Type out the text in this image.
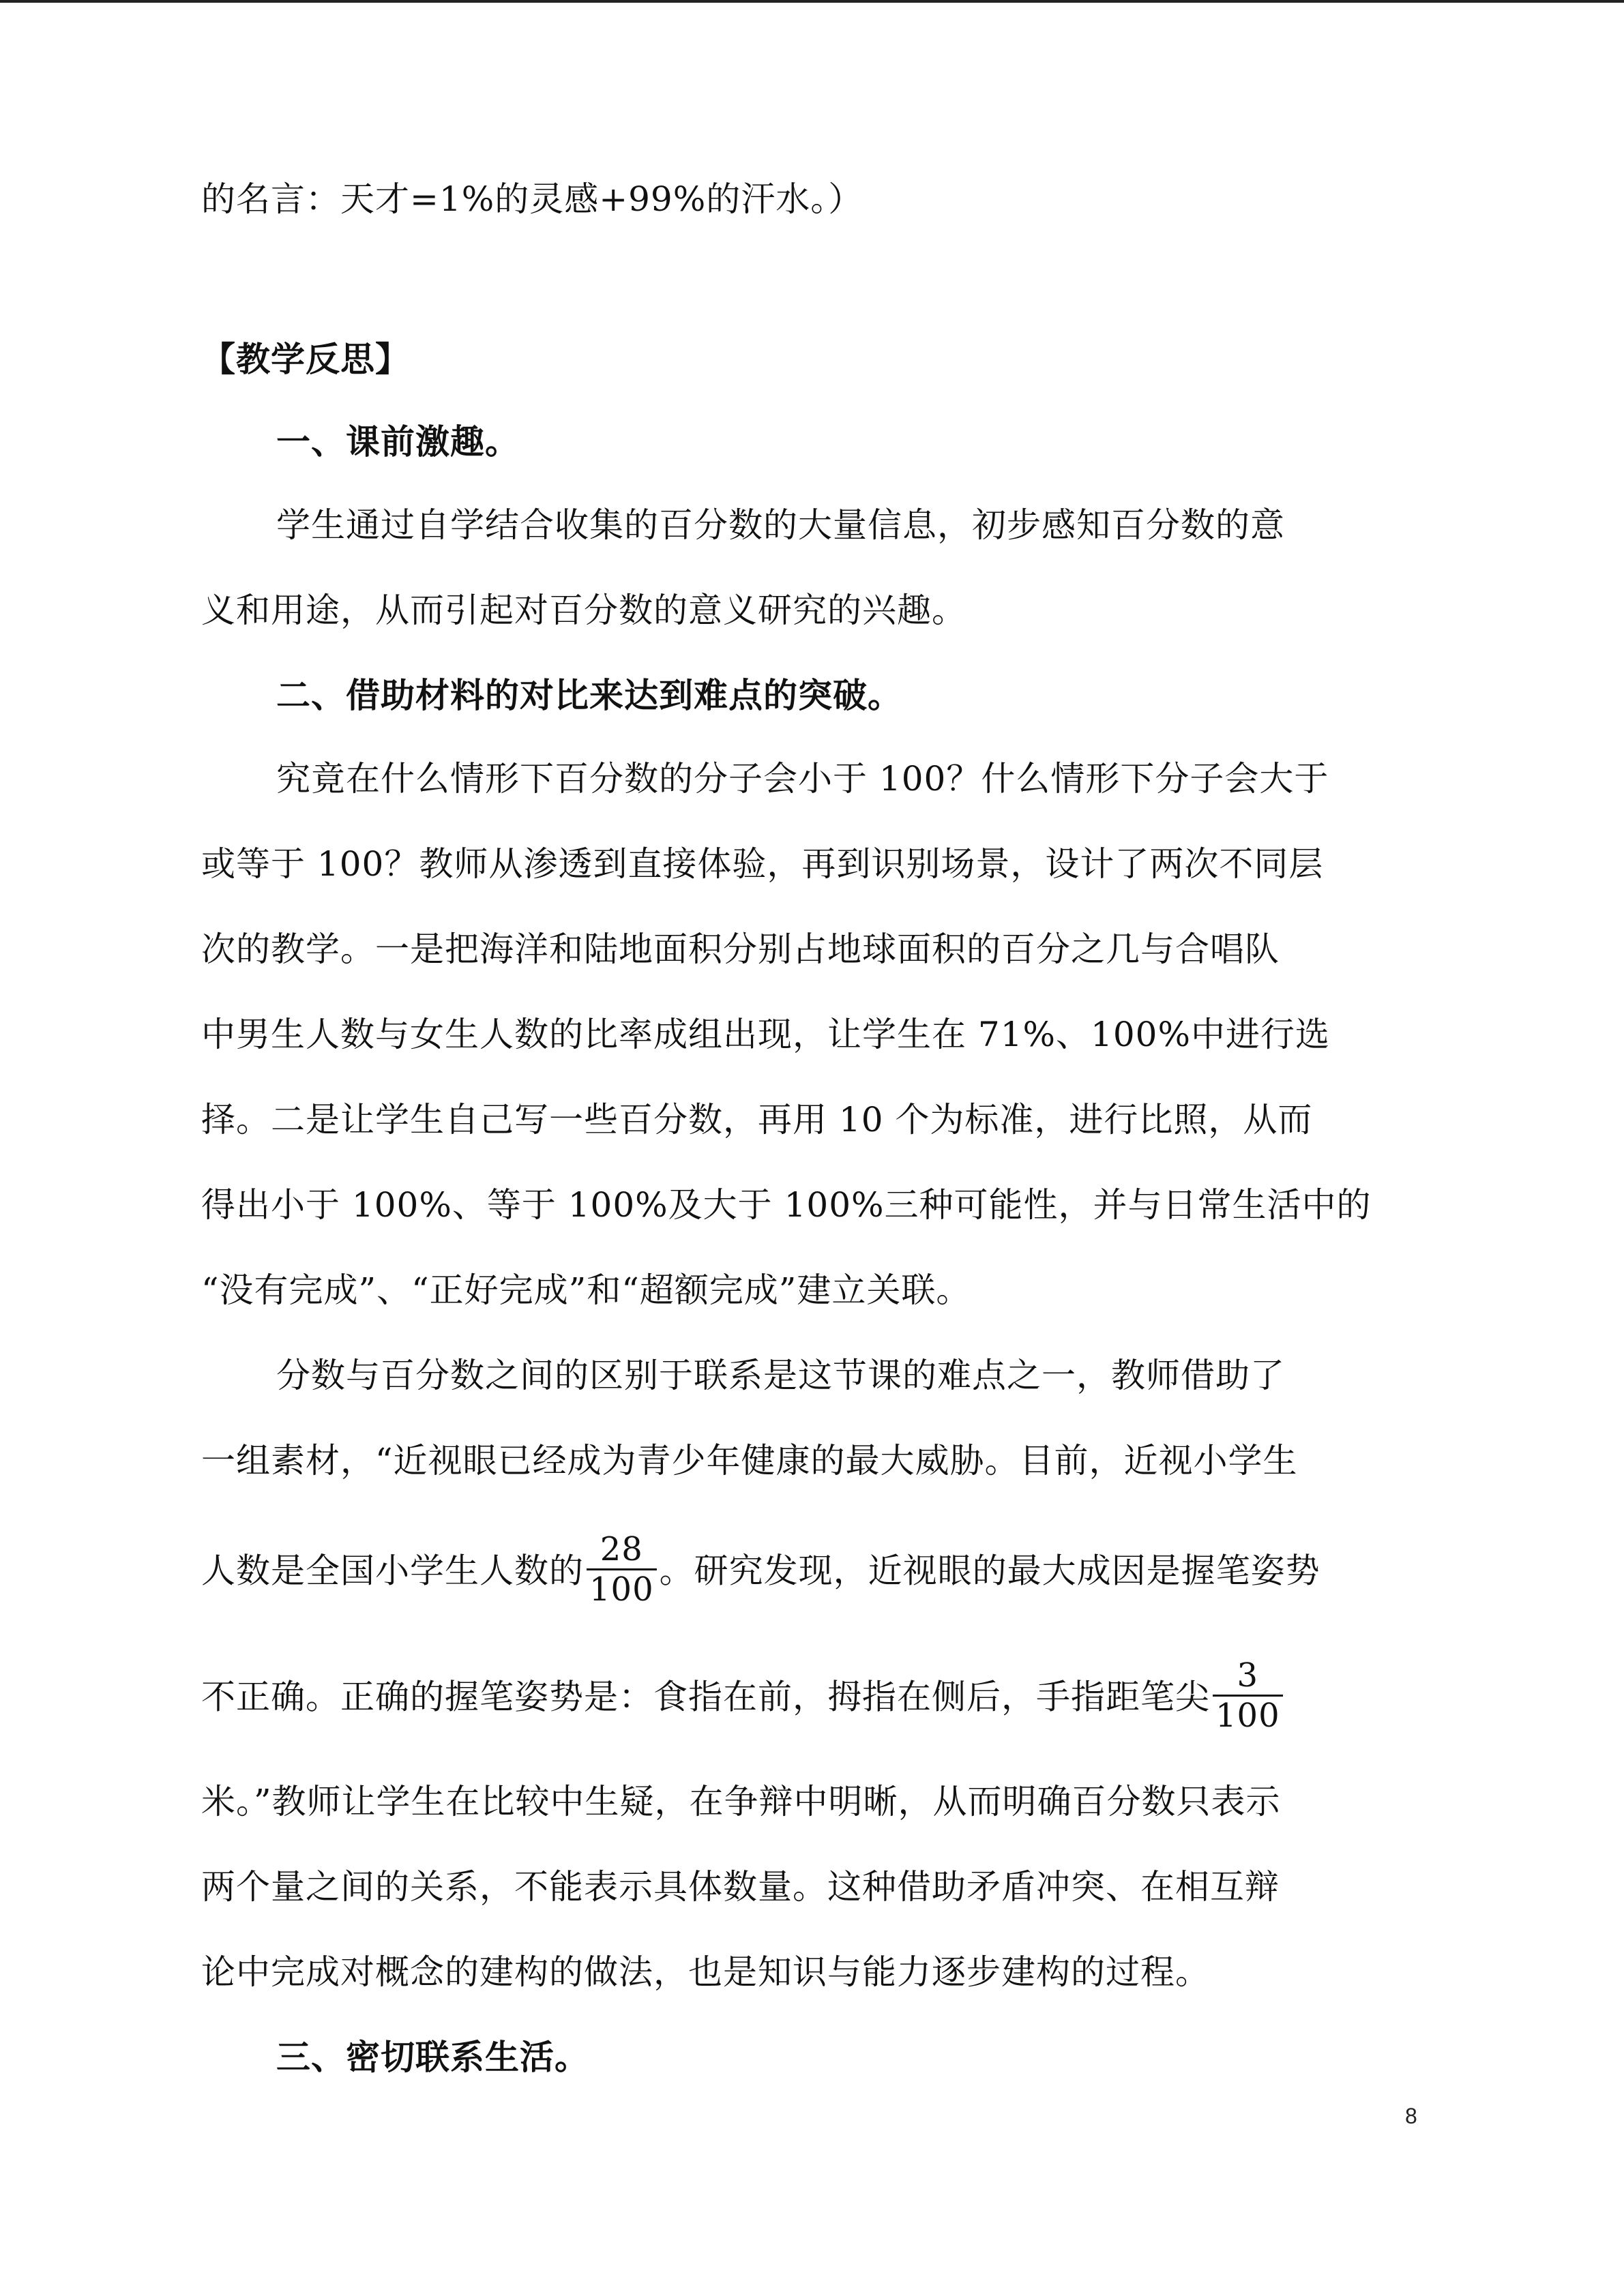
的名言：天才=1%的灵感+99%的汗水。）
【教学反思】
一、课前激趣。
学生通过自学结合收集的百分数的大量信息，初步感知百分数的意
义和用途，从而引起对百分数的意义研究的兴趣。
二、借助材料的对比来达到难点的突破。
究竟在什么情形下百分数的分子会小于 100？什么情形下分子会大于
或等于 100？教师从渗透到直接体验，再到识别场景，设计了两次不同层
次的教学。一是把海洋和陆地面积分别占地球面积的百分之几与合唱队
中男生人数与女生人数的比率成组出现，让学生在 71%、100%中进行选
择。二是让学生自己写一些百分数，再用 10 个为标准，进行比照，从而
得出小于 100%、等于 100%及大于 100%三种可能性，并与日常生活中的
“没有完成”、“正好完成”和“超额完成”建立关联。
分数与百分数之间的区别于联系是这节课的难点之一，教师借助了
一组素材，“近视眼已经成为青少年健康的最大威胁。目前，近视小学生
人数是全国小学生人数的 $\frac{28}{100}$ 。研究发现，近视眼的最大成因是握笔姿势
不正确。正确的握笔姿势是：食指在前，拇指在侧后，手指距笔尖 $\frac{3}{100}$
米。”教师让学生在比较中生疑，在争辩中明晰，从而明确百分数只表示
两个量之间的关系，不能表示具体数量。这种借助矛盾冲突、在相互辩
论中完成对概念的建构的做法，也是知识与能力逐步建构的过程。
三、密切联系生活。
8
